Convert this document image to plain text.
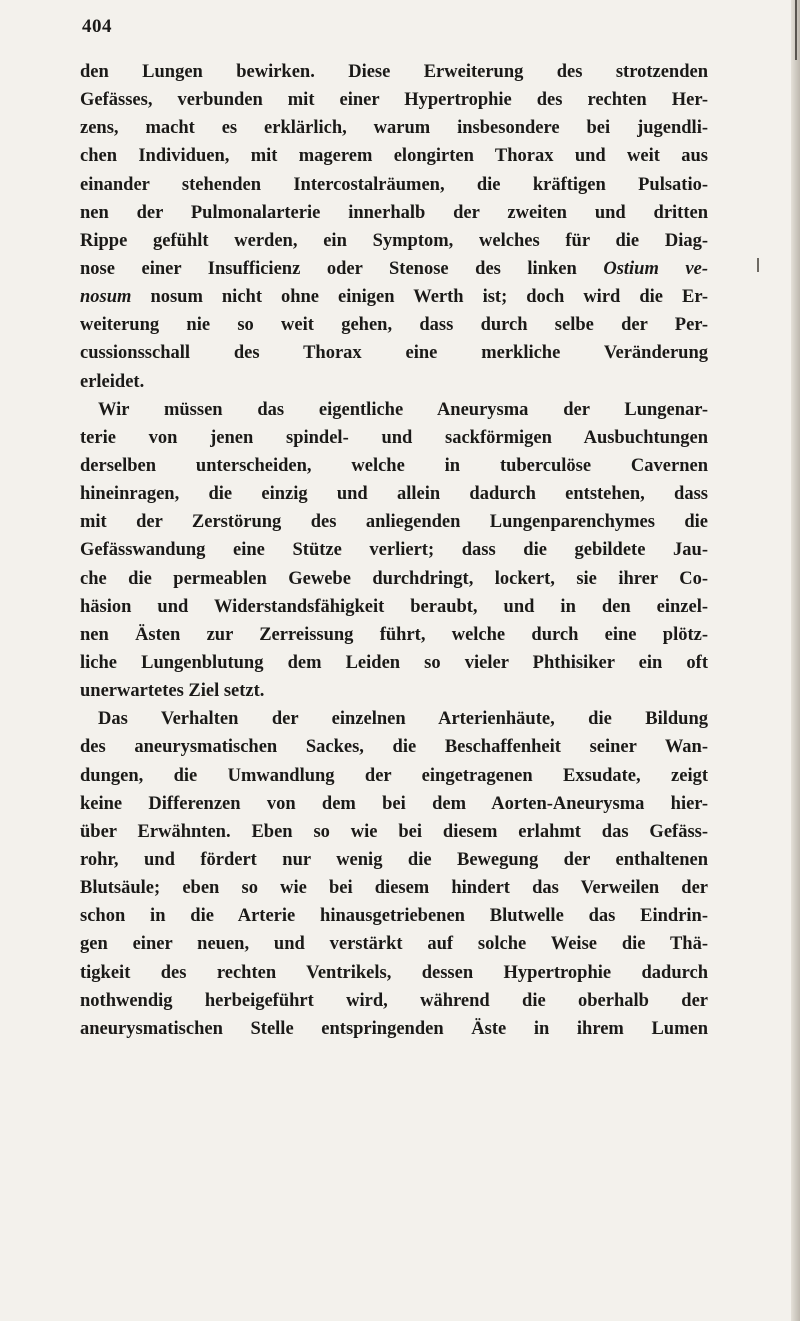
404
den Lungen bewirken. Diese Erweiterung des strotzenden
Gefässes, verbunden mit einer Hypertrophie des rechten Her-
zens, macht es erklärlich, warum insbesondere bei jugendli-
chen Individuen, mit magerem elongirten Thorax und weit aus
einander stehenden Intercostalräumen, die kräftigen Pulsatio-
nen der Pulmonalarterie innerhalb der zweiten und dritten
Rippe gefühlt werden, ein Symptom, welches für die Diag-
nose einer Insufficienz oder Stenose des linken Ostium ve-
nosum nosum nicht ohne einigen Werth ist; doch wird die Er-
weiterung nie so weit gehen, dass durch selbe der Per-
cussionsschall des Thorax eine merkliche Veränderung
erleidet.
Wir müssen das eigentliche Aneurysma der Lungenar-
terie von jenen spindel- und sackförmigen Ausbuchtungen
derselben unterscheiden, welche in tuberculöse Cavernen
hineinragen, die einzig und allein dadurch entstehen, dass
mit der Zerstörung des anliegenden Lungenparenchymes die
Gefässwandung eine Stütze verliert; dass die gebildete Jau-
che die permeablen Gewebe durchdringt, lockert, sie ihrer Co-
häsion und Widerstandsfähigkeit beraubt, und in den einzel-
nen Ästen zur Zerreissung führt, welche durch eine plötz-
liche Lungenblutung dem Leiden so vieler Phthisiker ein oft
unerwartetes Ziel setzt.
Das Verhalten der einzelnen Arterienhäute, die Bildung
des aneurysmatischen Sackes, die Beschaffenheit seiner Wan-
dungen, die Umwandlung der eingetragenen Exsudate, zeigt
keine Differenzen von dem bei dem Aorten-Aneurysma hier-
über Erwähnten. Eben so wie bei diesem erlahmt das Gefäss-
rohr, und fördert nur wenig die Bewegung der enthaltenen
Blutsäule; eben so wie bei diesem hindert das Verweilen der
schon in die Arterie hinausgetriebenen Blutwelle das Eindrin-
gen einer neuen, und verstärkt auf solche Weise die Thä-
tigkeit des rechten Ventrikels, dessen Hypertrophie dadurch
nothwendig herbeigeführt wird, während die oberhalb der
aneurysmatischen Stelle entspringenden Äste in ihrem Lumen
